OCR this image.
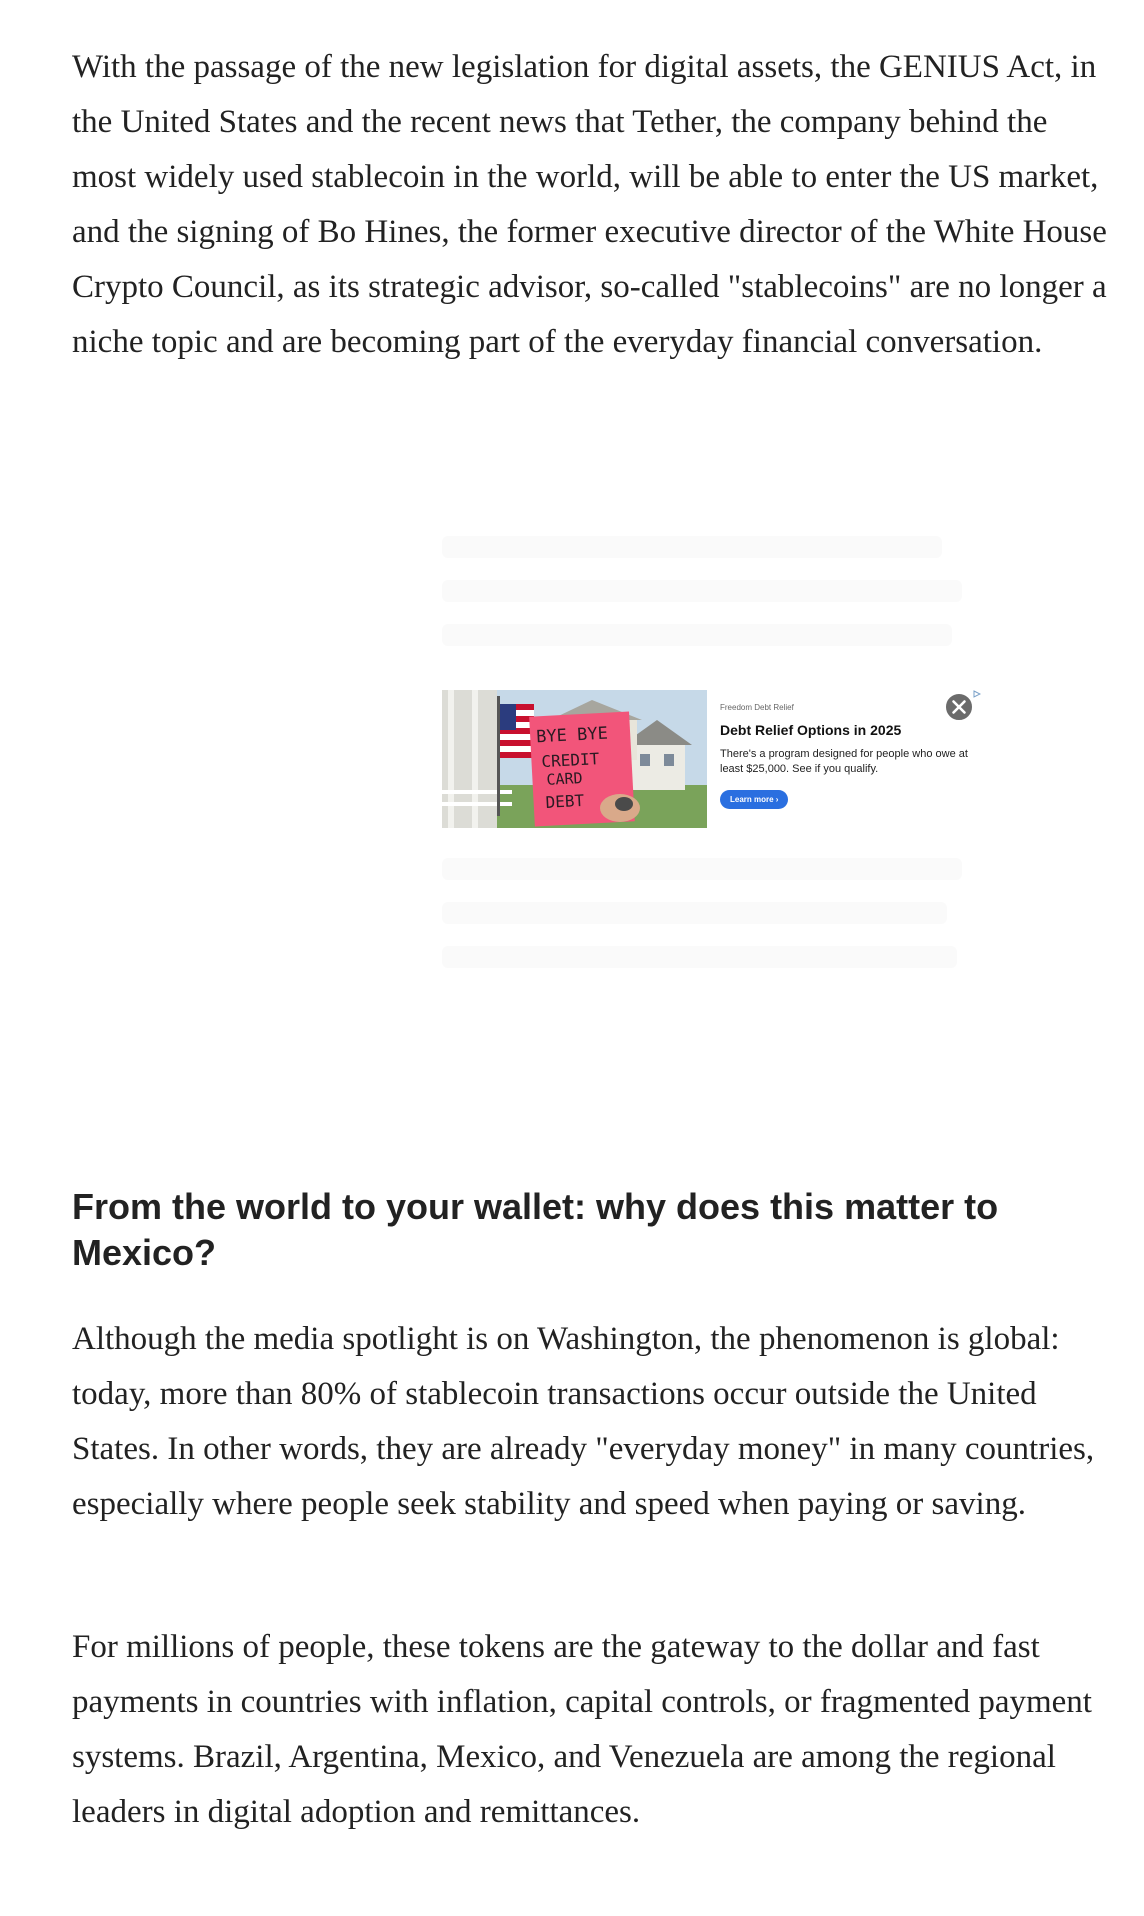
With the passage of the new legislation for digital assets, the GENIUS Act, in the United States and the recent news that Tether, the company behind the most widely used stablecoin in the world, will be able to enter the US market, and the signing of Bo Hines, the former executive director of the White House Crypto Council, as its strategic advisor, so-called "stablecoins" are no longer a niche topic and are becoming part of the everyday financial conversation.

BYE BYE
CREDIT
CARD
DEBT
Freedom Debt Relief
Debt Relief Options in 2025
There's a program designed for people who owe at least $25,000. See if you qualify.
Learn more ›
From the world to your wallet: why does this matter to Mexico?

Although the media spotlight is on Washington, the phenomenon is global: today, more than 80% of stablecoin transactions occur outside the United States. In other words, they are already "everyday money" in many countries, especially where people seek stability and speed when paying or saving.

For millions of people, these tokens are the gateway to the dollar and fast payments in countries with inflation, capital controls, or fragmented payment systems. Brazil, Argentina, Mexico, and Venezuela are among the regional leaders in digital adoption and remittances.
